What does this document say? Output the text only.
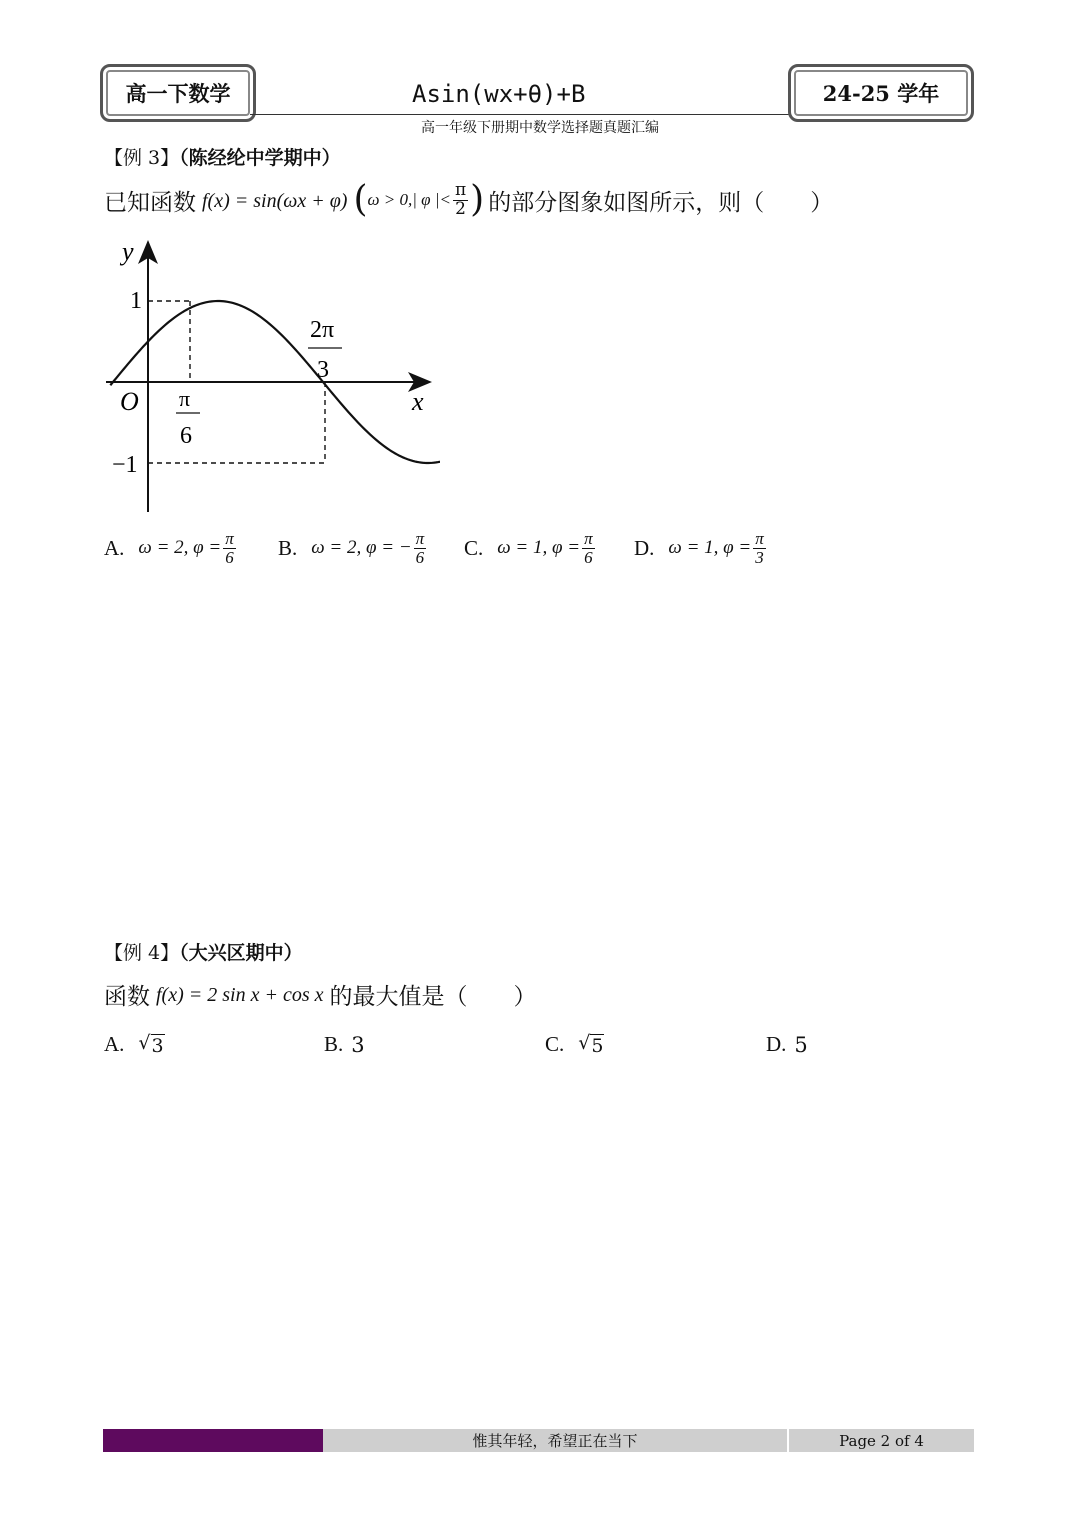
高一下数学	Asin(wx+θ)+B	24-25 学年
高一年级下册期中数学选择题真题汇编
【例 3】（陈经纶中学期中）
已知函数 f(x) = sin(ωx + φ) ( ω > 0,| φ |< $\frac{\pi}{2}$ ) 的部分图象如图所示，则（　　）
y
x
O
1
−1
π
6
2π
3
A. ω = 2, $\varphi = \frac{\pi}{6} B$. ω = 2, φ = − $\frac{\pi}{6} C$. ω = 1, $\varphi = \frac{\pi}{6} D$. ω = 1, $\varphi = \frac{\pi}{3}$
【例 4】（大兴区期中）
函数 f(x) = 2 sin x + cos x 的最大值是（　　）
A. √ 3	B. 3	C. √ 5	D. 5
惟其年轻，希望正在当下	Page 2 of 4
